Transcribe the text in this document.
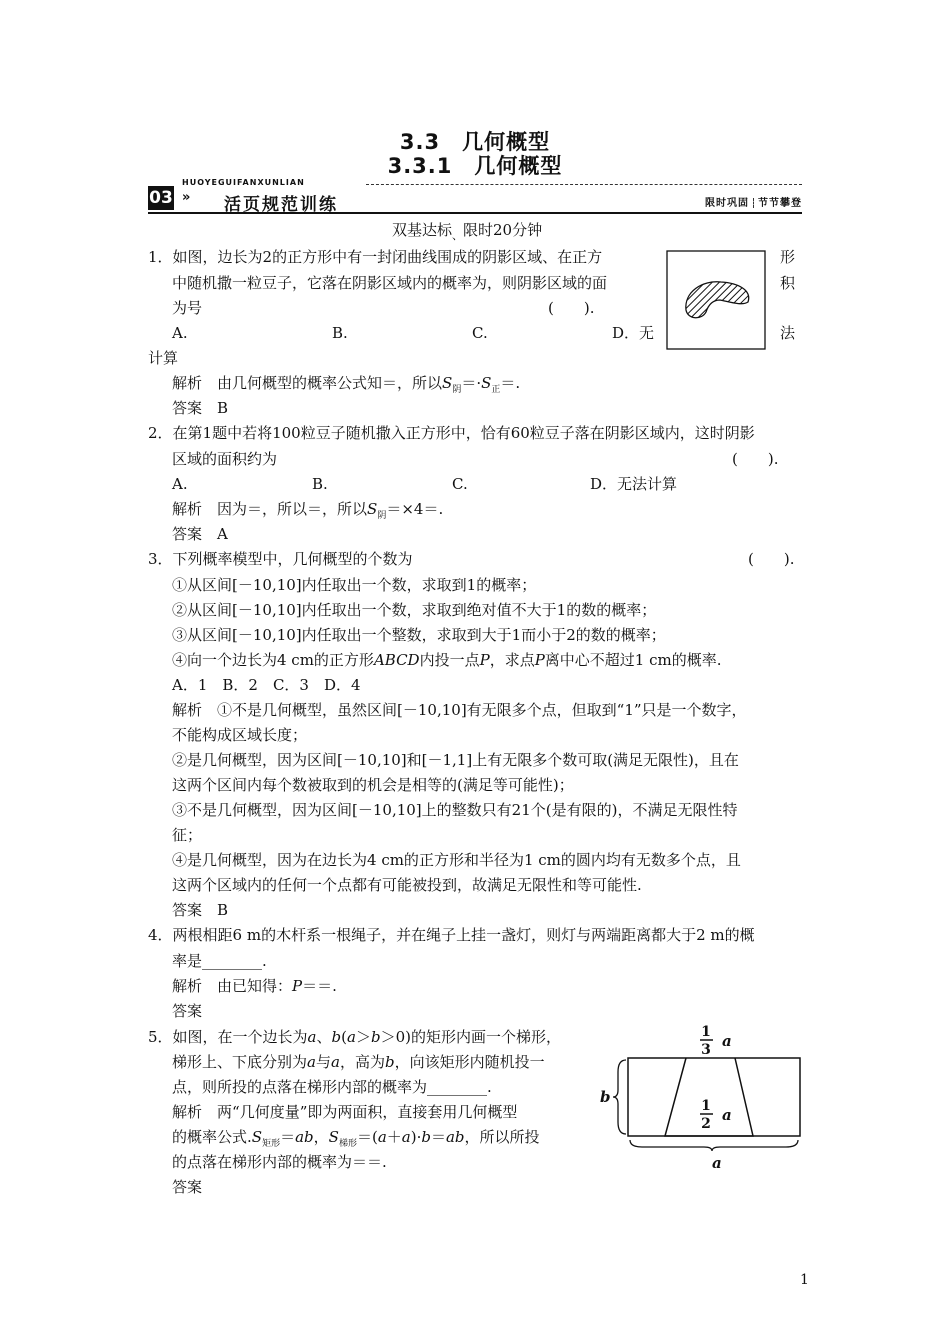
3.3　几何概型
3.3.1　几何概型
03
HUOYEGUIFANXUNLIAN
» 活页规范训练	限时巩固 节节攀登
双基达标$_、$限时20分钟
1．如图，边长为2的正方形中有一封闭曲线围成的阴影区域、在正方
中随机撒一粒豆子，它落在阴影区域内的概率为，则阴影区域的面
为号	(　　).
形
积
法
A.	B.	C.	D．无
计算
解析　 由几何概型的概率公式知＝，所以$S_阴=\cdot S_正=$.
答案　 B
2．在第1题中若将100粒豆子随机撒入正方形中，恰有60粒豆子落在阴影区域内，这时阴影
区域的面积约为	(　　).
A.	B.	C.	D．无法计算
解析　 因为＝，所以＝，所以$S_阴=\times 4=$.
答案　 A
3．下列概率模型中，几何概型的个数为	(　　).
①从区间[－10,10]内任取出一个数，求取到1的概率；
②从区间[－10,10]内任取出一个数，求取到绝对值不大于1的数的概率；
③从区间[－10,10]内任取出一个整数，求取到大于1而小于2的数的概率；
④向一个边长为4 cm的正方形ABCD内投一点P，求点P离中心不超过1 cm的概率.
A．1　B．2　C．3　D．4
解析　 ①不是几何概型，虽然区间[－10,10]有无限多个点，但取到“1”只是一个数字，
不能构成区域长度；
②是几何概型，因为区间[－10,10]和[－1,1]上有无限多个数可取(满足无限性)，且在
这两个区间内每个数被取到的机会是相等的(满足等可能性)；
③不是几何概型，因为区间[－10,10]上的整数只有21个(是有限的)，不满足无限性特
征；
④是几何概型，因为在边长为4 cm的正方形和半径为1 cm的圆内均有无数多个点，且
这两个区域内的任何一个点都有可能被投到，故满足无限性和等可能性.
答案　 B
4．两根相距6 m的木杆系一根绳子，并在绳子上挂一盏灯，则灯与两端距离都大于2 m的概
率是________.
解析　 由已知得：P＝＝.
答案
5．如图，在一个边长为a、b(a＞b＞0)的矩形内画一个梯形，
梯形上、下底分别为a与a，高为b，向该矩形内随机投一
点，则所投的点落在梯形内部的概率为________.
解析　 两“几何度量”即为两面积，直接套用几何概型
的概率公式$.S_{矩形}=ab$，$S_{梯形}=(a+a)\cdot b=ab$，所以所投
的点落在梯形内部的概率为＝＝.
答案
1
3 a
1
2 a
b
a
1
